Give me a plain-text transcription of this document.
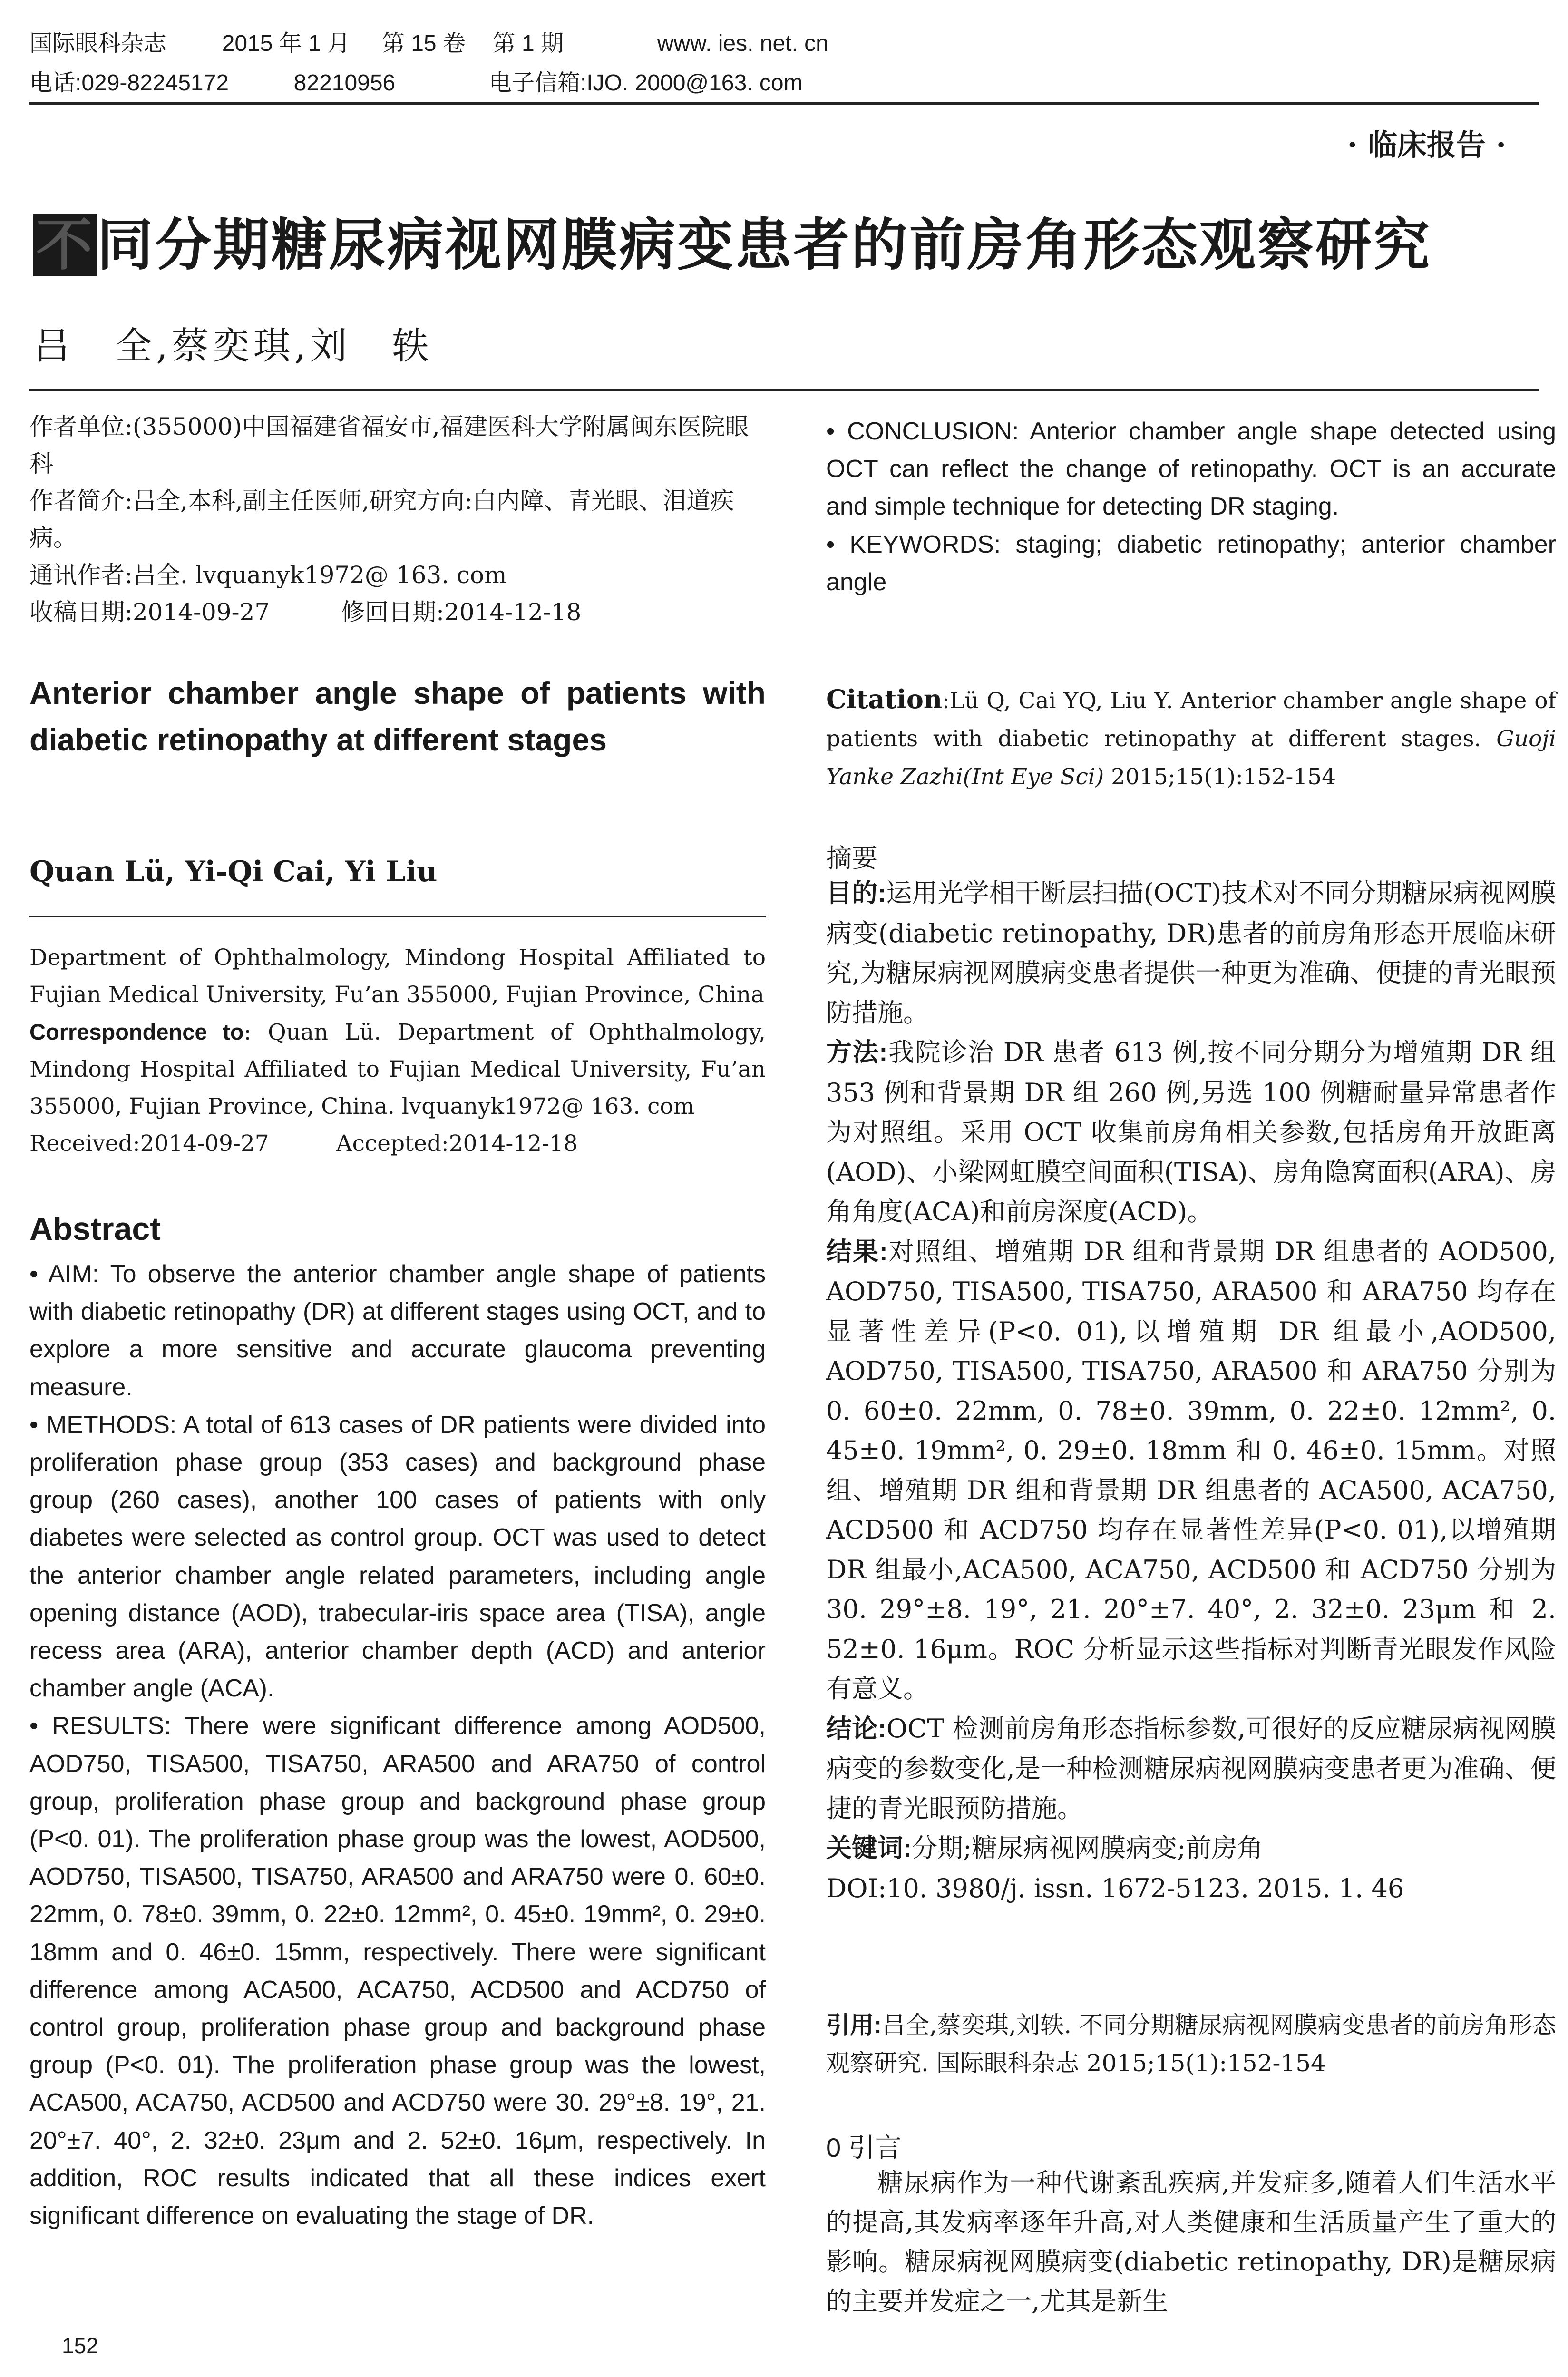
国际眼科杂志 2015 年 1 月 第 15 卷 第 1 期	www. ies. net. cn
电话:029-82245172	82210956	电子信箱:IJO. 2000@163. com
· 临床报告 ·
不同分期糖尿病视网膜病变患者的前房角形态观察研究
吕　全,蔡奕琪,刘　轶

作者单位:(355000)中国福建省福安市,福建医科大学附属闽东医院眼科

作者简介:吕全,本科,副主任医师,研究方向:白内障、青光眼、泪道疾病。

通讯作者:吕全. lvquanyk1972@ 163. com

收稿日期:2014-09-27　　　修回日期:2014-12-18

Anterior chamber angle shape of patients with diabetic retinopathy at different stages
Quan Lü, Yi-Qi Cai, Yi Liu

Department of Ophthalmology, Mindong Hospital Affiliated to Fujian Medical University, Fu’an 355000, Fujian Province, China

Correspondence to: Quan Lü. Department of Ophthalmology, Mindong Hospital Affiliated to Fujian Medical University, Fu’an 355000, Fujian Province, China. lvquanyk1972@ 163. com

Received:2014-09-27　　　Accepted:2014-12-18

Abstract

• AIM: To observe the anterior chamber angle shape of patients with diabetic retinopathy (DR) at different stages using OCT, and to explore a more sensitive and accurate glaucoma preventing measure.

• METHODS: A total of 613 cases of DR patients were divided into proliferation phase group (353 cases) and background phase group (260 cases), another 100 cases of patients with only diabetes were selected as control group. OCT was used to detect the anterior chamber angle related parameters, including angle opening distance (AOD), trabecular-iris space area (TISA), angle recess area (ARA), anterior chamber depth (ACD) and anterior chamber angle (ACA).

• RESULTS: There were significant difference among AOD500, AOD750, TISA500, TISA750, ARA500 and ARA750 of control group, proliferation phase group and background phase group (P<0. 01). The proliferation phase group was the lowest, AOD500, AOD750, TISA500, TISA750, ARA500 and ARA750 were 0. 60±0. 22mm, 0. 78±0. 39mm, 0. 22±0. 12mm², 0. 45±0. 19mm², 0. 29±0. 18mm and 0. 46±0. 15mm, respectively. There were significant difference among ACA500, ACA750, ACD500 and ACD750 of control group, proliferation phase group and background phase group (P<0. 01). The proliferation phase group was the lowest, ACA500, ACA750, ACD500 and ACD750 were 30. 29°±8. 19°, 21. 20°±7. 40°, 2. 32±0. 23μm and 2. 52±0. 16μm, respectively. In addition, ROC results indicated that all these indices exert significant difference on evaluating the stage of DR.

152

• CONCLUSION: Anterior chamber angle shape detected using OCT can reflect the change of retinopathy. OCT is an accurate and simple technique for detecting DR staging.

• KEYWORDS: staging; diabetic retinopathy; anterior chamber angle

Citation:Lü Q, Cai YQ, Liu Y. Anterior chamber angle shape of patients with diabetic retinopathy at different stages. Guoji Yanke Zazhi(Int Eye Sci) 2015;15(1):152-154
摘要

目的:运用光学相干断层扫描(OCT)技术对不同分期糖尿病视网膜病变(diabetic retinopathy, DR)患者的前房角形态开展临床研究,为糖尿病视网膜病变患者提供一种更为准确、便捷的青光眼预防措施。

方法:我院诊治 DR 患者 613 例,按不同分期分为增殖期 DR 组 353 例和背景期 DR 组 260 例,另选 100 例糖耐量异常患者作为对照组。采用 OCT 收集前房角相关参数,包括房角开放距离(AOD)、小梁网虹膜空间面积(TISA)、房角隐窝面积(ARA)、房角角度(ACA)和前房深度(ACD)。

结果:对照组、增殖期 DR 组和背景期 DR 组患者的 AOD500, AOD750, TISA500, TISA750, ARA500 和 ARA750 均存在显著性差异(P<0. 01),以增殖期 DR 组最小,AOD500, AOD750, TISA500, TISA750, ARA500 和 ARA750 分别为 0. 60±0. 22mm, 0. 78±0. 39mm, 0. 22±0. 12mm², 0. 45±0. 19mm², 0. 29±0. 18mm 和 0. 46±0. 15mm。对照组、增殖期 DR 组和背景期 DR 组患者的 ACA500, ACA750, ACD500 和 ACD750 均存在显著性差异(P<0. 01),以增殖期 DR 组最小,ACA500, ACA750, ACD500 和 ACD750 分别为 30. 29°±8. 19°, 21. 20°±7. 40°, 2. 32±0. 23μm 和 2. 52±0. 16μm。ROC 分析显示这些指标对判断青光眼发作风险有意义。

结论:OCT 检测前房角形态指标参数,可很好的反应糖尿病视网膜病变的参数变化,是一种检测糖尿病视网膜病变患者更为准确、便捷的青光眼预防措施。

关键词:分期;糖尿病视网膜病变;前房角

DOI:10. 3980/j. issn. 1672-5123. 2015. 1. 46

引用:吕全,蔡奕琪,刘轶. 不同分期糖尿病视网膜病变患者的前房角形态观察研究. 国际眼科杂志 2015;15(1):152-154
0 引言
糖尿病作为一种代谢紊乱疾病,并发症多,随着人们生活水平的提高,其发病率逐年升高,对人类健康和生活质量产生了重大的影响。糖尿病视网膜病变(diabetic retinopathy, DR)是糖尿病的主要并发症之一,尤其是新生
